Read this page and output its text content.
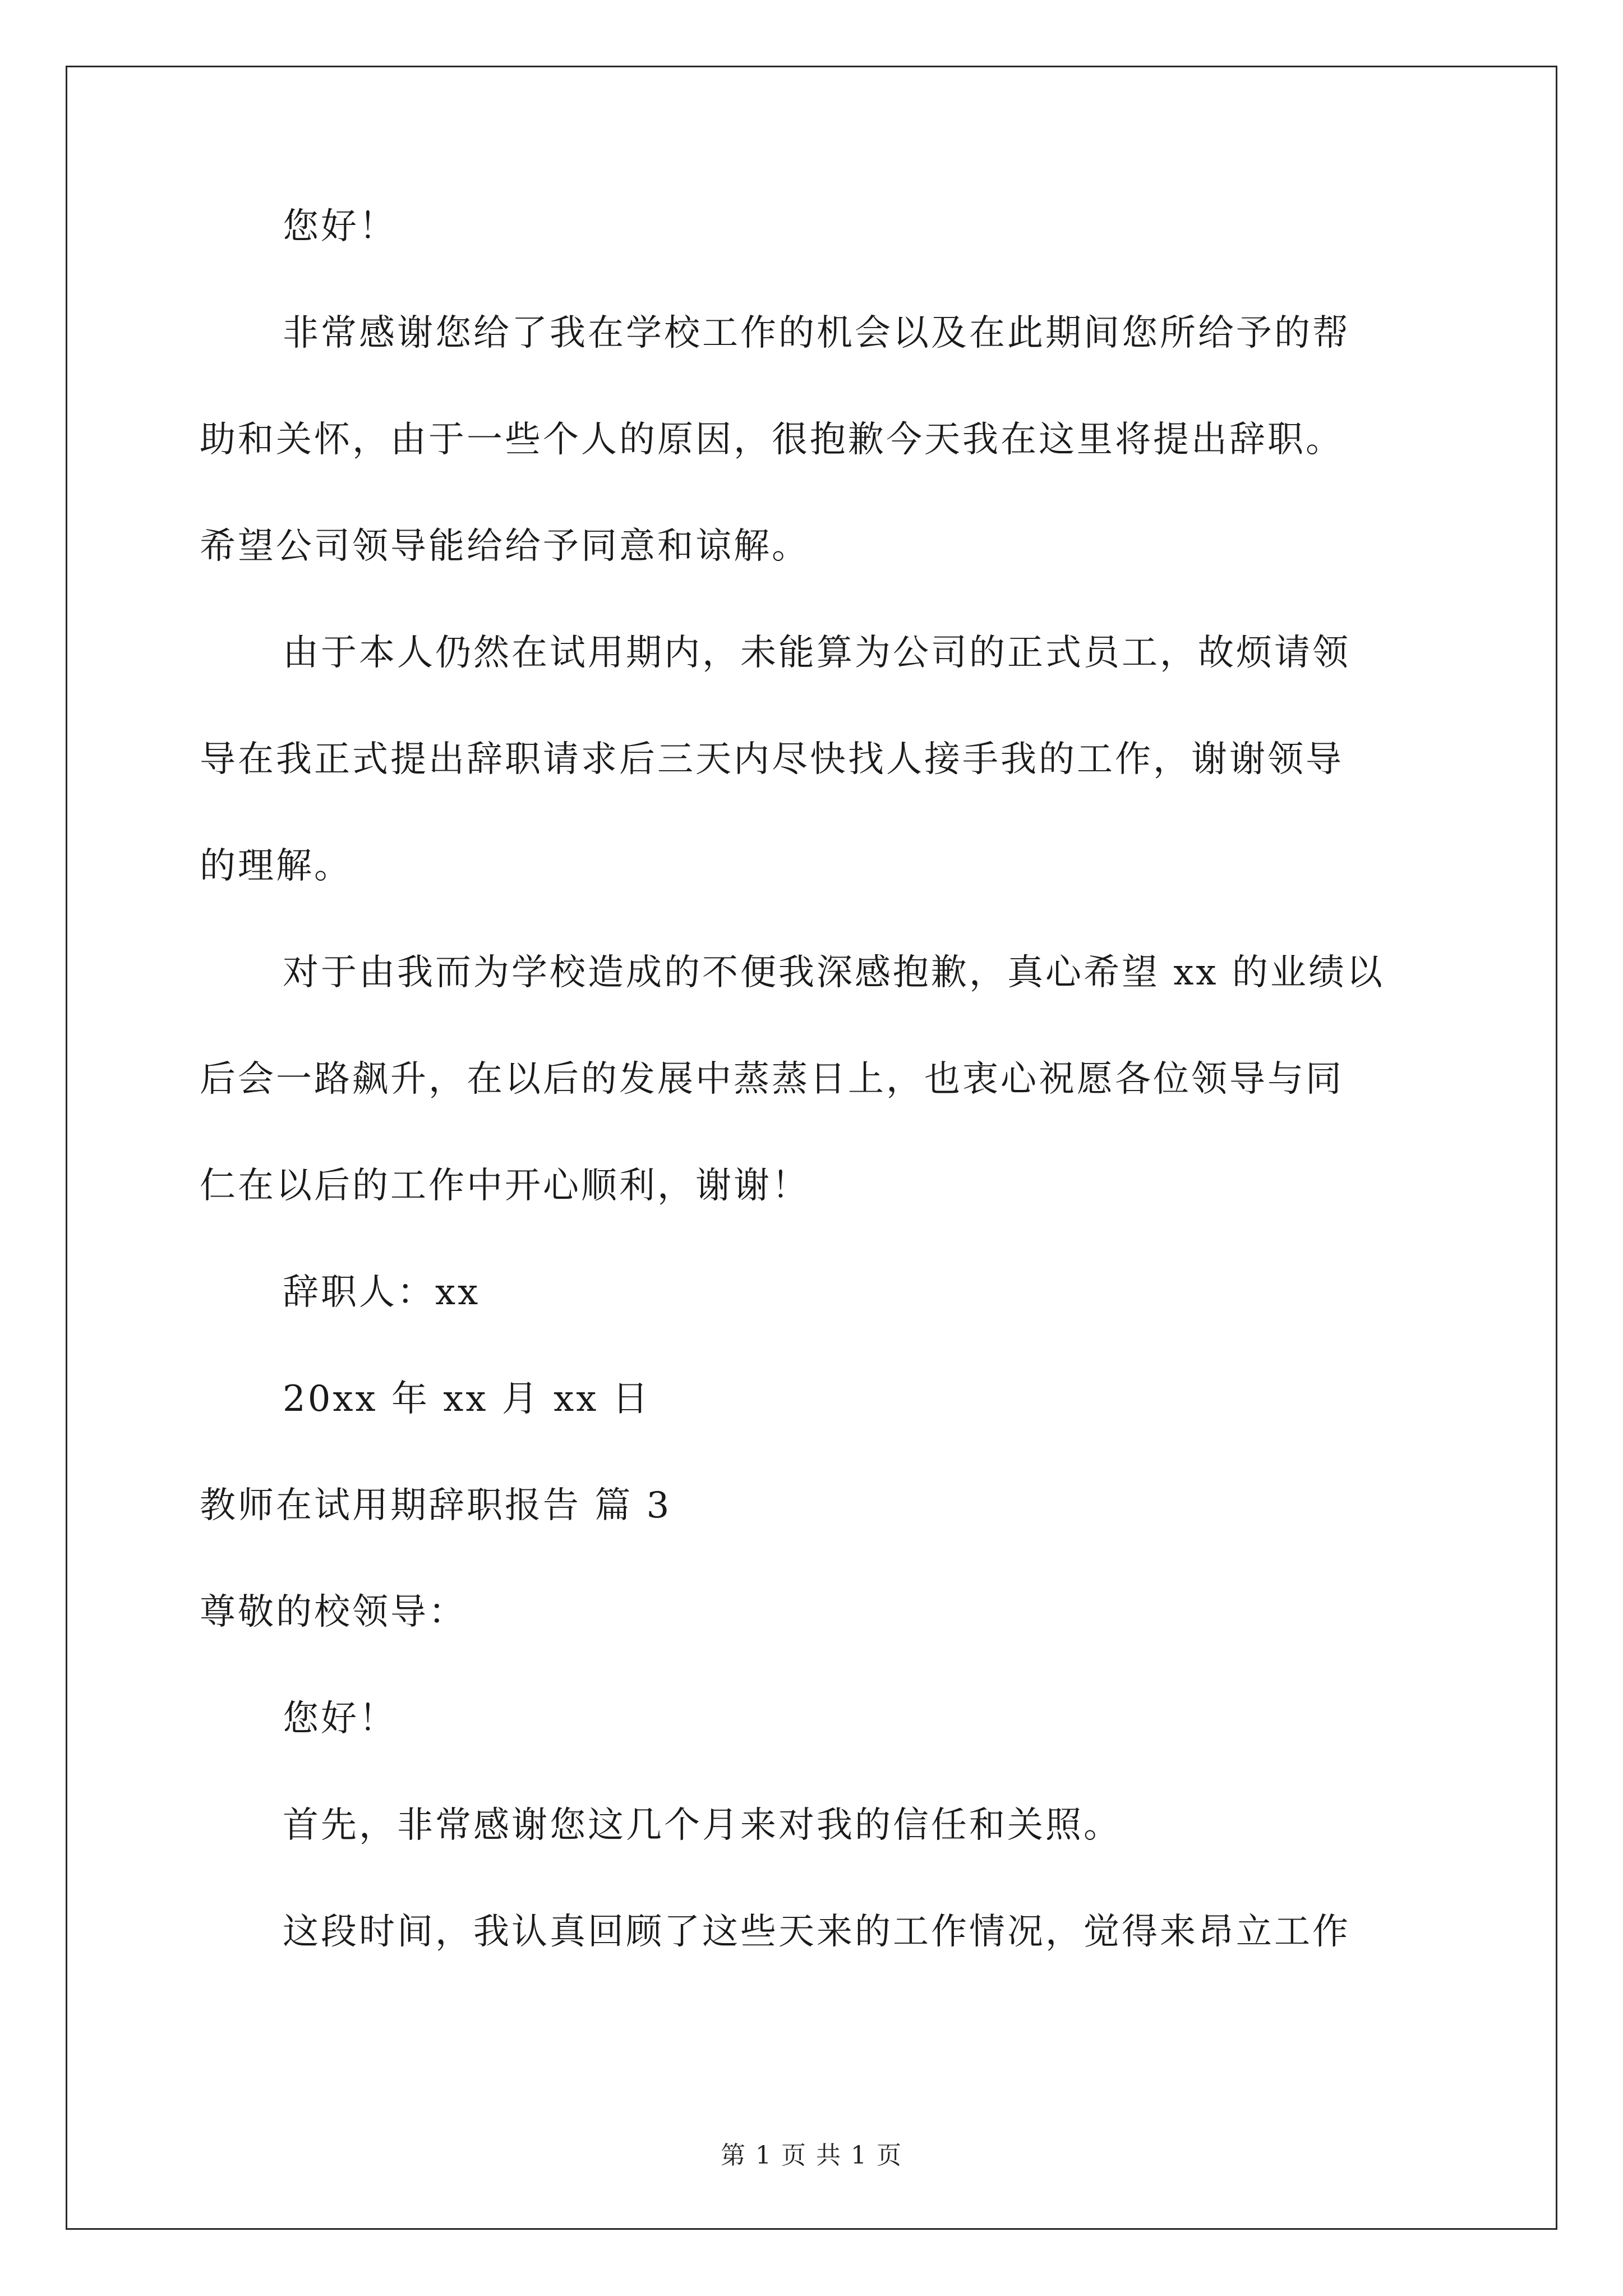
您好！
非常感谢您给了我在学校工作的机会以及在此期间您所给予的帮
助和关怀，由于一些个人的原因，很抱歉今天我在这里将提出辞职。
希望公司领导能给给予同意和谅解。
由于本人仍然在试用期内，未能算为公司的正式员工，故烦请领
导在我正式提出辞职请求后三天内尽快找人接手我的工作，谢谢领导
的理解。
对于由我而为学校造成的不便我深感抱歉，真心希望 xx 的业绩以
后会一路飙升，在以后的发展中蒸蒸日上，也衷心祝愿各位领导与同
仁在以后的工作中开心顺利，谢谢！
辞职人：xx
20xx 年 xx 月 xx 日
教师在试用期辞职报告 篇 3
尊敬的校领导：
您好！
首先，非常感谢您这几个月来对我的信任和关照。
这段时间，我认真回顾了这些天来的工作情况，觉得来昂立工作
第 1 页 共 1 页
